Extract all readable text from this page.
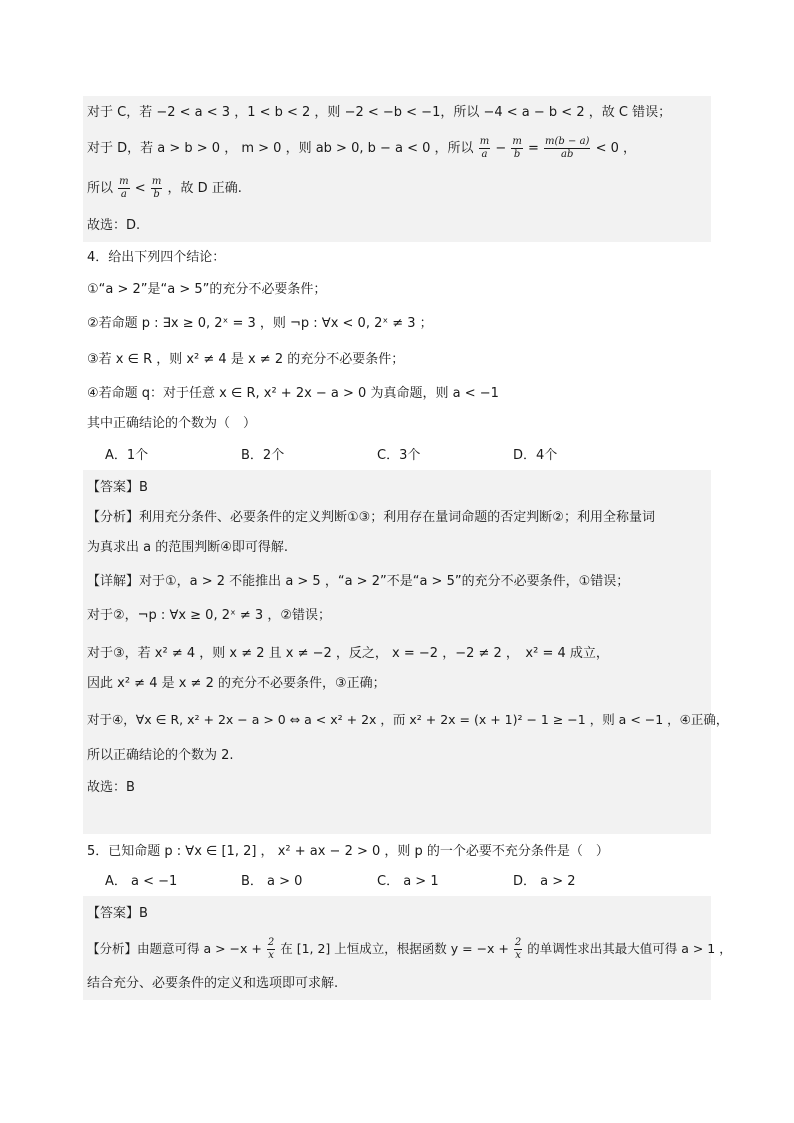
对于 C，若 −2 < a < 3 ，1 < b < 2 ，则 −2 < −b < −1，所以 −4 < a − b < 2 ，故 C 错误；
对于 D，若 a > b > 0 ， m > 0 ，则 ab > 0, b − a < 0 ，所以 $\frac{m}{a} - \frac{m}{b} = \frac{m(b - a)}{ab} < 0$ ，
所以 $\frac{m}{a} < \frac{m}{b}$ ，故 D 正确.
故选：D.
4．给出下列四个结论：
①“a > 2”是“a > 5”的充分不必要条件；
②若命题 p : ∃x ≥ 0, 2ˣ = 3 ，则 ¬p : ∀x < 0, 2ˣ ≠ 3 ；
③若 x ∈ R ，则 x² ≠ 4 是 x ≠ 2 的充分不必要条件；
④若命题 q：对于任意 x ∈ R, x² + 2x − a > 0 为真命题，则 a < −1
其中正确结论的个数为（　）
A．1个	B．2个	C．3个	D．4个
【答案】B
【分析】利用充分条件、必要条件的定义判断①③；利用存在量词命题的否定判断②；利用全称量词
为真求出 a 的范围判断④即可得解.
【详解】对于①，a > 2 不能推出 a > 5 ，“a > 2”不是“a > 5”的充分不必要条件，①错误；
对于②，¬p : ∀x ≥ 0, 2ˣ ≠ 3 ，②错误；
对于③，若 x² ≠ 4 ，则 x ≠ 2 且 x ≠ −2 ，反之， x = −2 ，−2 ≠ 2 ，　x² = 4 成立，
因此 x² ≠ 4 是 x ≠ 2 的充分不必要条件，③正确；
对于④，∀x ∈ R, x² + 2x − a > 0 ⇔ a < x² + 2x ，而 x² + 2x = (x + 1)² − 1 ≥ −1 ，则 a < −1 ，④正确，
所以正确结论的个数为 2.
故选：B
5．已知命题 p : ∀x ∈ [1, 2] ， x² + ax − 2 > 0 ，则 p 的一个必要不充分条件是（　）
A． a < −1	B． a > 0	C． a > 1	D． a > 2
【答案】B
【分析】由题意可得 $a > -x + \frac{2}{x}$ 在 [1, 2] 上恒成立，根据函数 $y = -x + \frac{2}{x}$ 的单调性求出其最大值可得 a > 1 ，
结合充分、必要条件的定义和选项即可求解.
